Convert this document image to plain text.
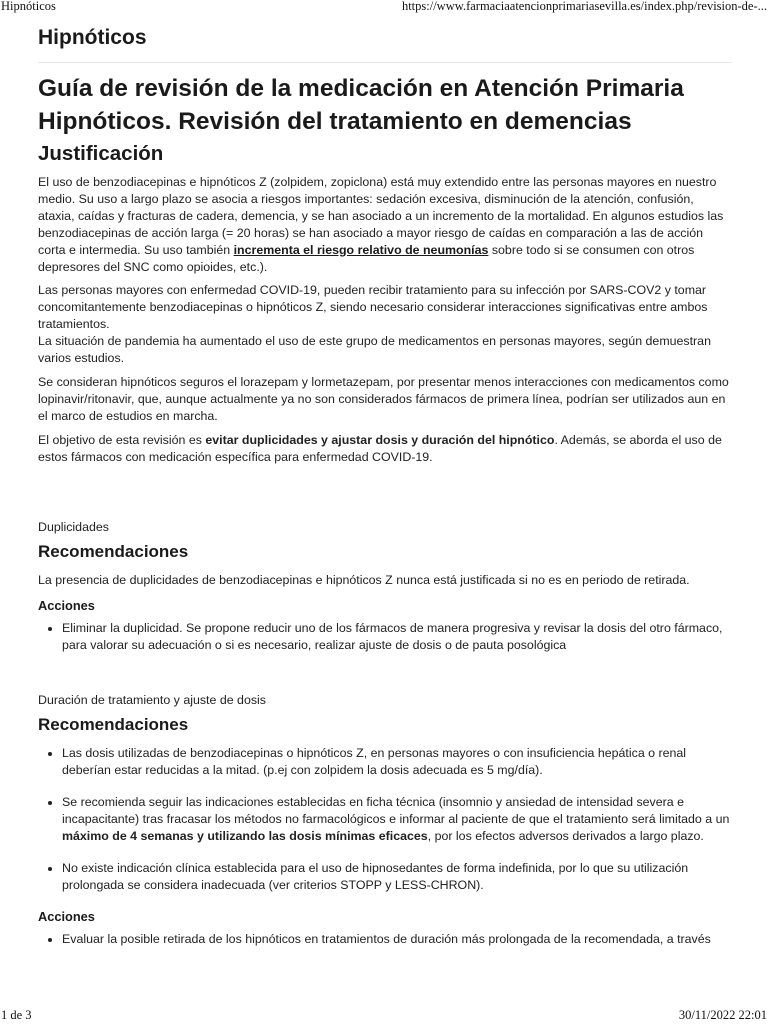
Hipnóticos	https://www.farmaciaatencionprimariasevilla.es/index.php/revision-de-...
Hipnóticos
Guía de revisión de la medicación en Atención Primaria
Hipnóticos. Revisión del tratamiento en demencias
Justificación

El uso de benzodiacepinas e hipnóticos Z (zolpidem, zopiclona) está muy extendido entre las personas mayores en nuestro medio. Su uso a largo plazo se asocia a riesgos importantes: sedación excesiva, disminución de la atención, confusión, ataxia, caídas y fracturas de cadera, demencia, y se han asociado a un incremento de la mortalidad. En algunos estudios las benzodiacepinas de acción larga (= 20 horas) se han asociado a mayor riesgo de caídas en comparación a las de acción corta e intermedia. Su uso también incrementa el riesgo relativo de neumonías sobre todo si se consumen con otros depresores del SNC como opioides, etc.).

Las personas mayores con enfermedad COVID-19, pueden recibir tratamiento para su infección por SARS-COV2 y tomar concomitantemente benzodiacepinas o hipnóticos Z, siendo necesario considerar interacciones significativas entre ambos tratamientos.
La situación de pandemia ha aumentado el uso de este grupo de medicamentos en personas mayores, según demuestran varios estudios.

Se consideran hipnóticos seguros el lorazepam y lormetazepam, por presentar menos interacciones con medicamentos como lopinavir/ritonavir, que, aunque actualmente ya no son considerados fármacos de primera línea, podrían ser utilizados aun en el marco de estudios en marcha.

El objetivo de esta revisión es evitar duplicidades y ajustar dosis y duración del hipnótico. Además, se aborda el uso de estos fármacos con medicación específica para enfermedad COVID-19.

Duplicidades
Recomendaciones

La presencia de duplicidades de benzodiacepinas e hipnóticos Z nunca está justificada si no es en periodo de retirada.

Acciones
• Eliminar la duplicidad. Se propone reducir uno de los fármacos de manera progresiva y revisar la dosis del otro fármaco, para valorar su adecuación o si es necesario, realizar ajuste de dosis o de pauta posológica
Duración de tratamiento y ajuste de dosis
Recomendaciones
• Las dosis utilizadas de benzodiacepinas o hipnóticos Z, en personas mayores o con insuficiencia hepática o renal deberían estar reducidas a la mitad. (p.ej con zolpidem la dosis adecuada es 5 mg/día).
• Se recomienda seguir las indicaciones establecidas en ficha técnica (insomnio y ansiedad de intensidad severa e incapacitante) tras fracasar los métodos no farmacológicos e informar al paciente de que el tratamiento será limitado a un máximo de 4 semanas y utilizando las dosis mínimas eficaces, por los efectos adversos derivados a largo plazo.
• No existe indicación clínica establecida para el uso de hipnosedantes de forma indefinida, por lo que su utilización prolongada se considera inadecuada (ver criterios STOPP y LESS-CHRON).
Acciones
• Evaluar la posible retirada de los hipnóticos en tratamientos de duración más prolongada de la recomendada, a través
1 de 3	30/11/2022 22:01
